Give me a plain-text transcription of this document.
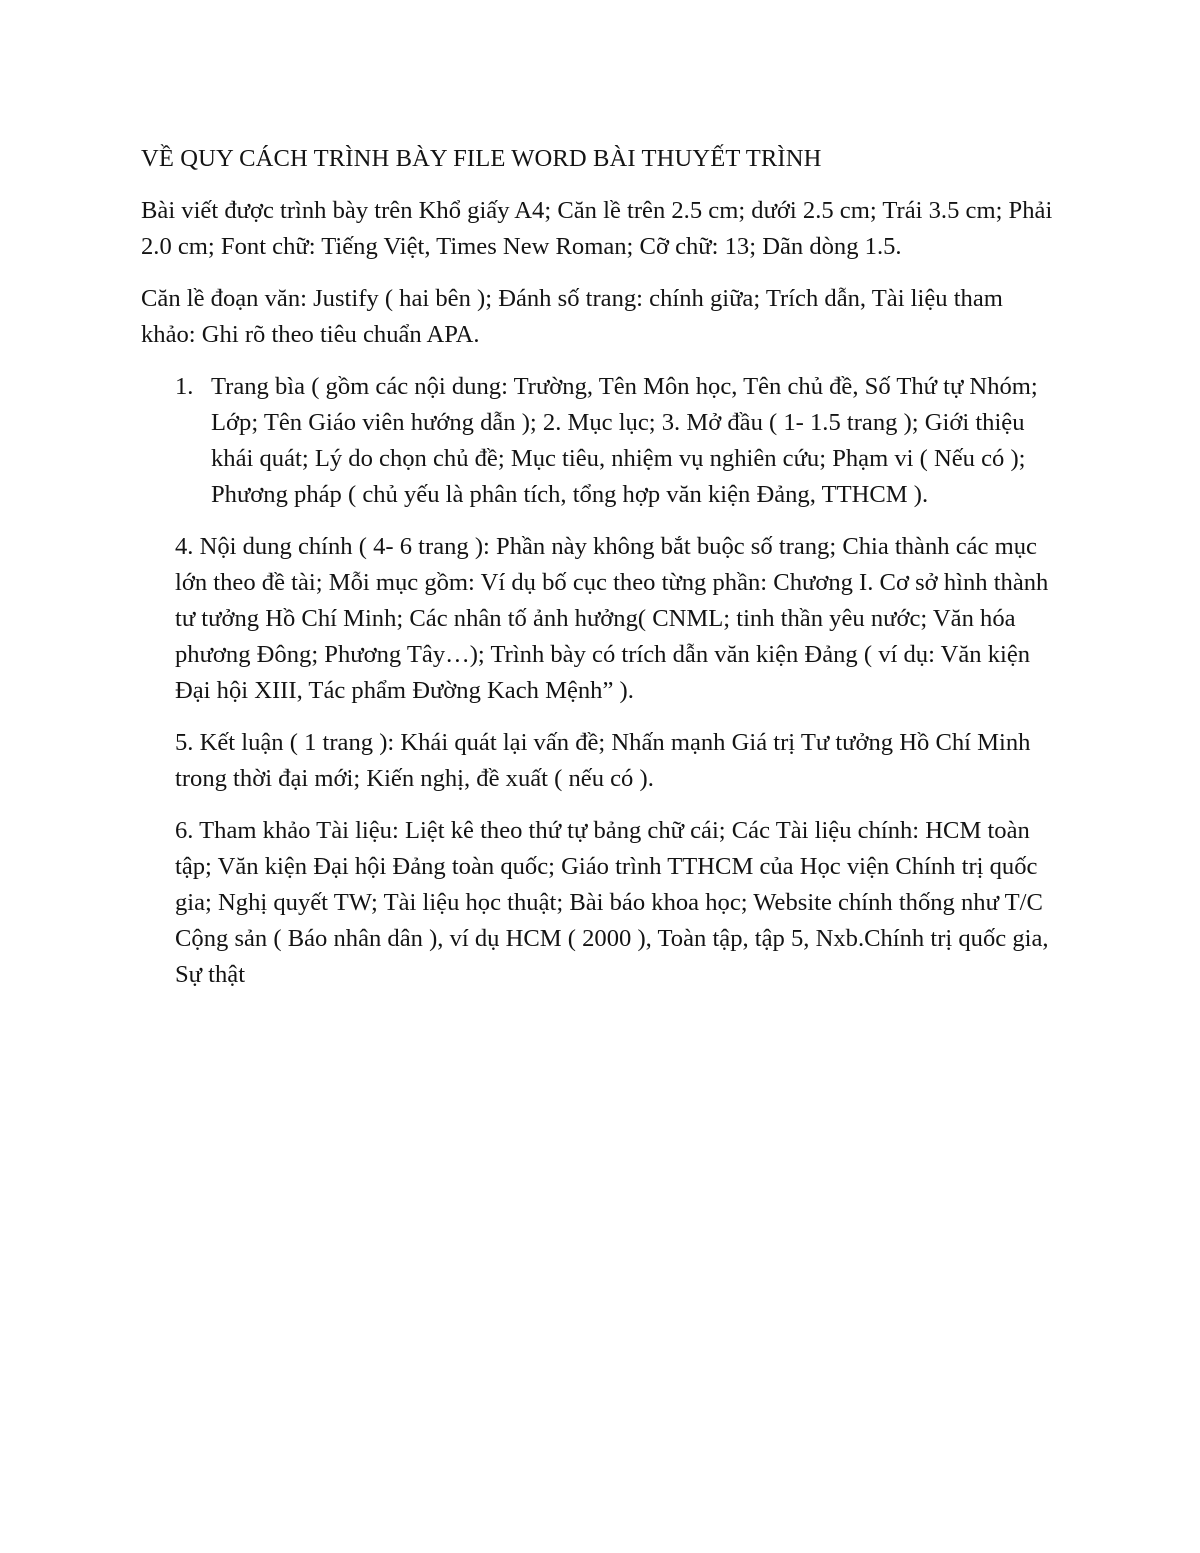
VỀ QUY CÁCH TRÌNH BÀY FILE WORD BÀI THUYẾT TRÌNH

Bài viết được trình bày trên Khổ giấy A4; Căn lề trên 2.5 cm; dưới 2.5 cm; Trái 3.5 cm; Phải 2.0 cm; Font chữ: Tiếng Việt, Times New Roman; Cỡ chữ: 13; Dãn dòng 1.5.

Căn lề đoạn văn: Justify ( hai bên ); Đánh số trang: chính giữa; Trích dẫn, Tài liệu tham khảo: Ghi rõ theo tiêu chuẩn APA.

1. Trang bìa ( gồm các nội dung: Trường, Tên Môn học, Tên chủ đề, Số Thứ tự Nhóm; Lớp; Tên Giáo viên hướng dẫn ); 2. Mục lục; 3. Mở đầu ( 1- 1.5 trang ); Giới thiệu khái quát; Lý do chọn chủ đề; Mục tiêu, nhiệm vụ nghiên cứu; Phạm vi ( Nếu có ); Phương pháp ( chủ yếu là phân tích, tổng hợp văn kiện Đảng, TTHCM ).

4. Nội dung chính ( 4- 6 trang ): Phần này không bắt buộc số trang; Chia thành các mục lớn theo đề tài; Mỗi mục gồm: Ví dụ bố cục theo từng phần: Chương I. Cơ sở hình thành tư tưởng Hồ Chí Minh; Các nhân tố ảnh hưởng( CNML; tinh thần yêu nước; Văn hóa phương Đông; Phương Tây…); Trình bày có trích dẫn văn kiện Đảng ( ví dụ: Văn kiện Đại hội XIII, Tác phẩm Đường Kach Mệnh” ).

5. Kết luận ( 1 trang ): Khái quát lại vấn đề; Nhấn mạnh Giá trị Tư tưởng Hồ Chí Minh trong thời đại mới; Kiến nghị, đề xuất ( nếu có ).

6. Tham khảo Tài liệu: Liệt kê theo thứ tự bảng chữ cái; Các Tài liệu chính: HCM toàn tập; Văn kiện Đại hội Đảng toàn quốc; Giáo trình TTHCM của Học viện Chính trị quốc gia; Nghị quyết TW; Tài liệu học thuật; Bài báo khoa học; Website chính thống như T/C Cộng sản ( Báo nhân dân ), ví dụ HCM ( 2000 ), Toàn tập, tập 5, Nxb.Chính trị quốc gia, Sự thật
